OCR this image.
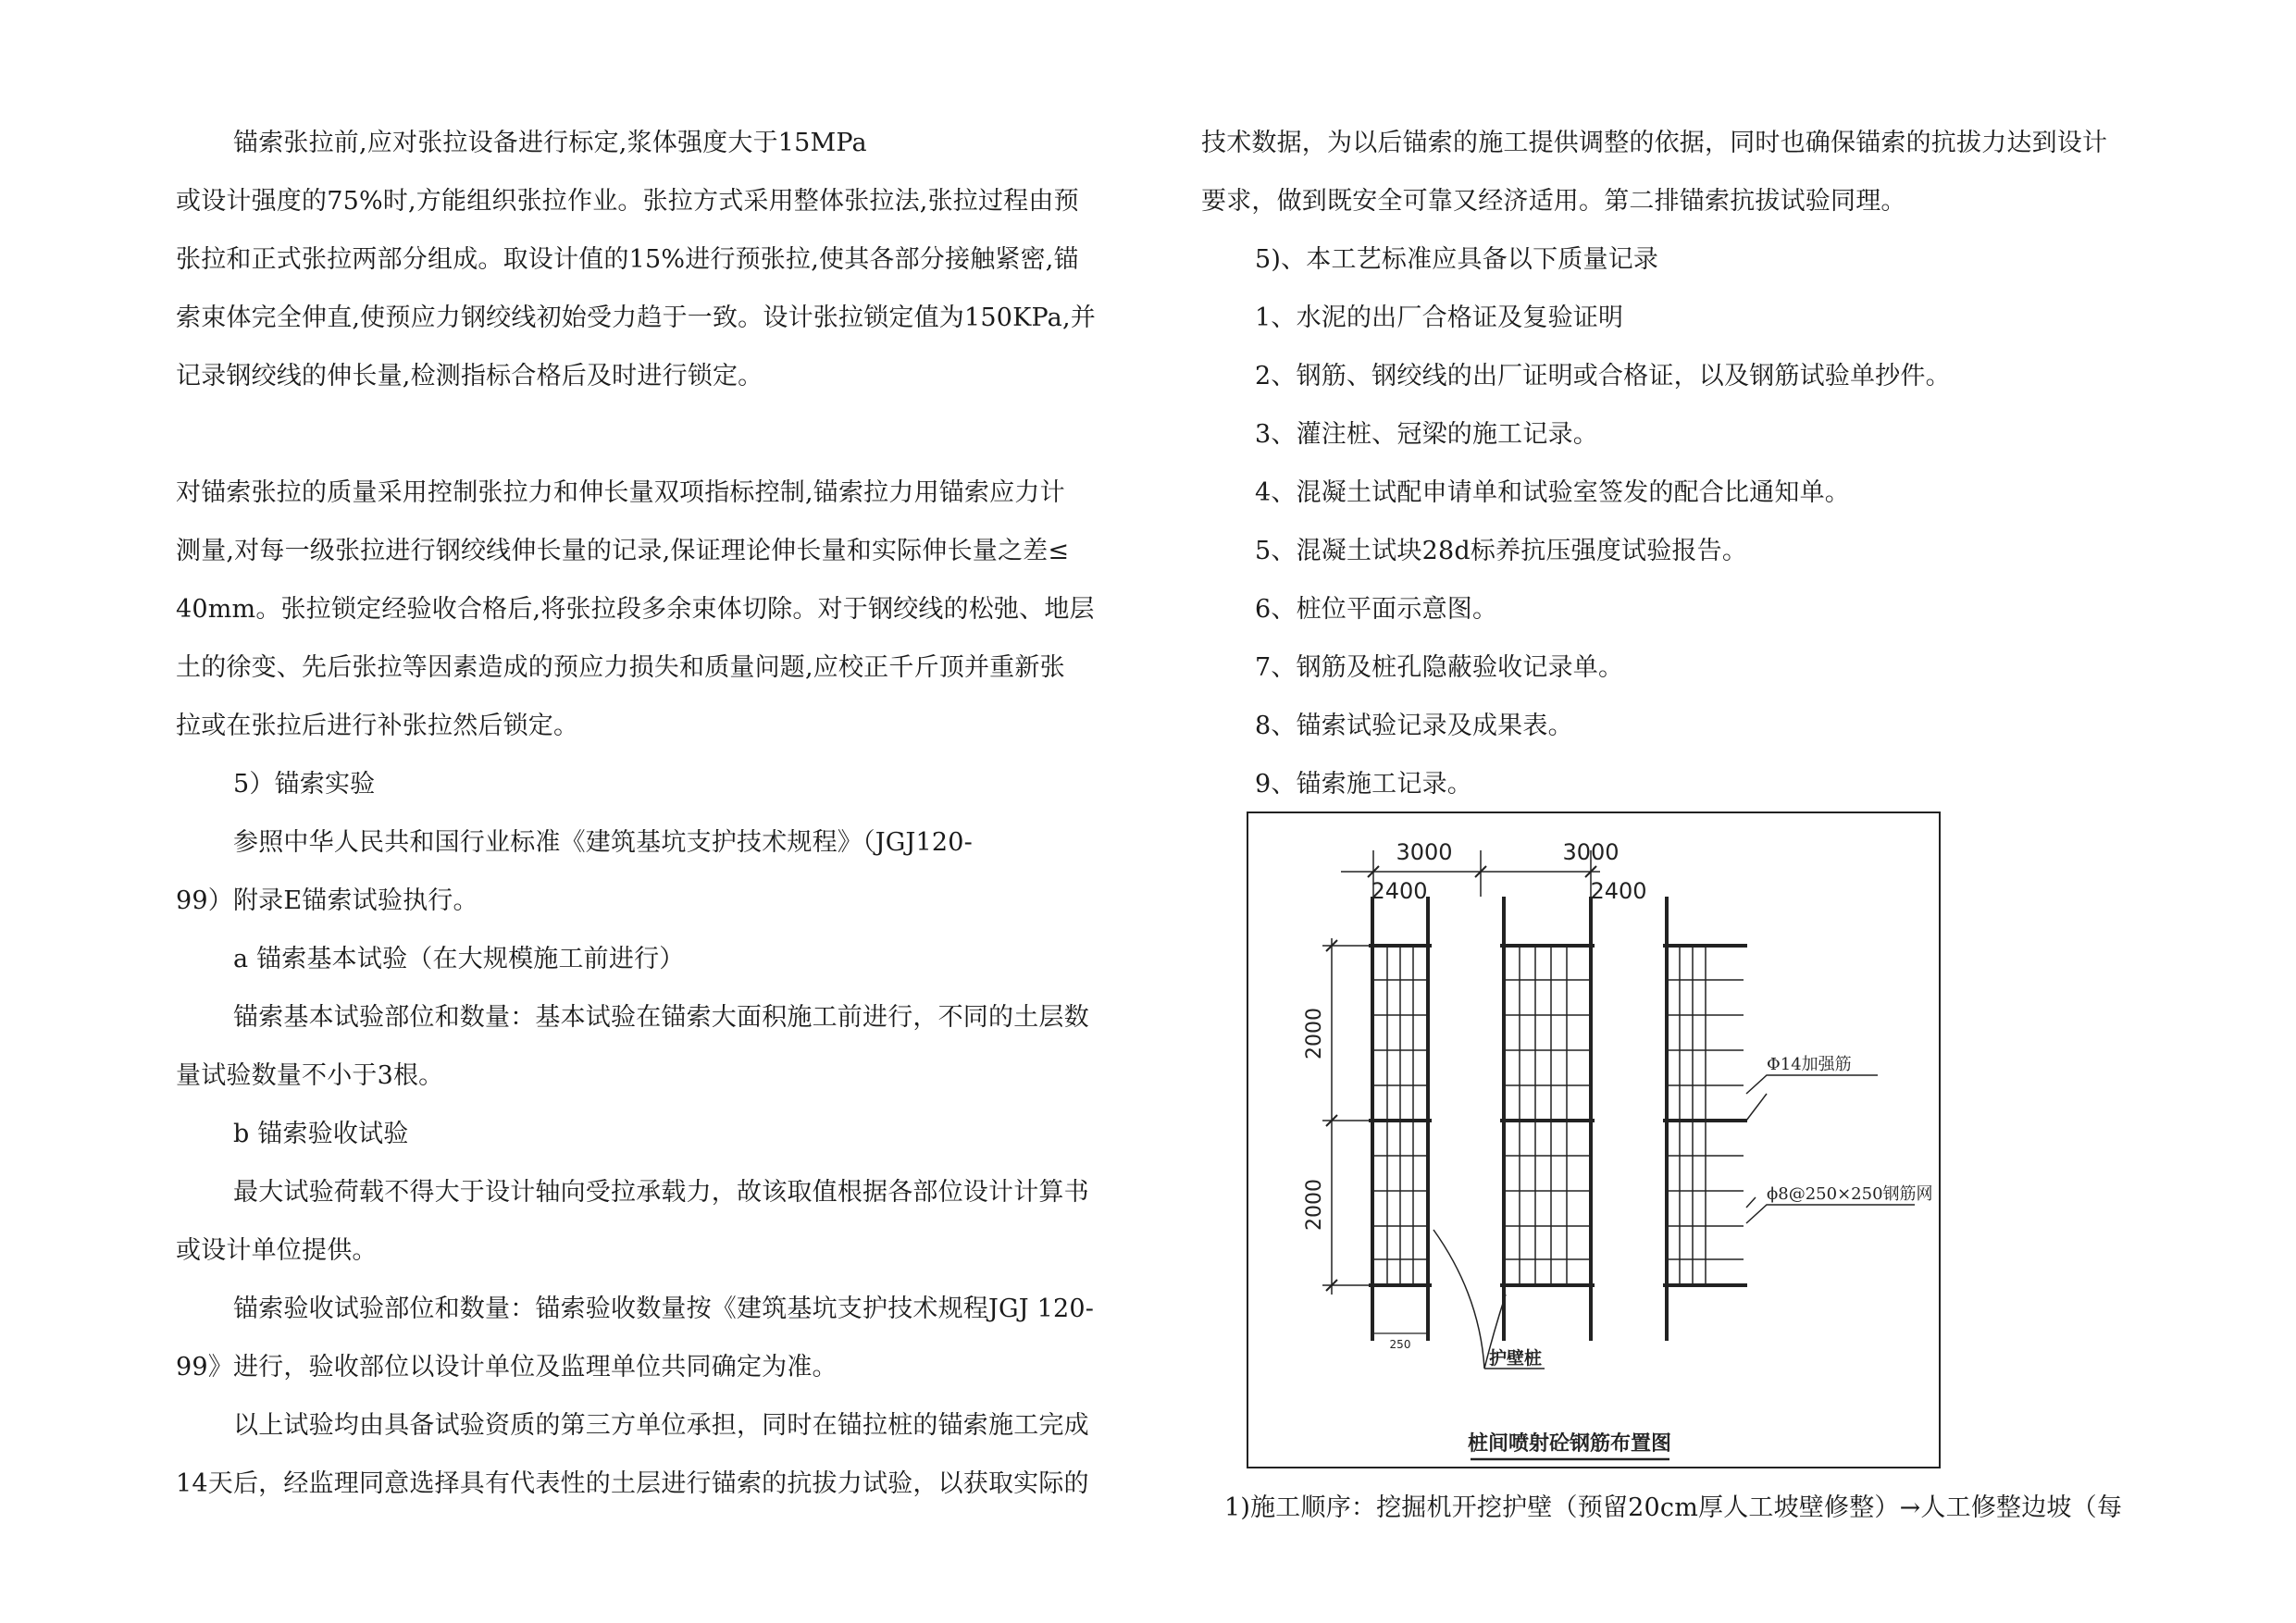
锚索张拉前,应对张拉设备进行标定,浆体强度大于15MPa
或设计强度的75%时,方能组织张拉作业。张拉方式采用整体张拉法,张拉过程由预
张拉和正式张拉两部分组成。取设计值的15%进行预张拉,使其各部分接触紧密,锚
索束体完全伸直,使预应力钢绞线初始受力趋于一致。设计张拉锁定值为150KPa,并
记录钢绞线的伸长量,检测指标合格后及时进行锁定。
对锚索张拉的质量采用控制张拉力和伸长量双项指标控制,锚索拉力用锚索应力计
测量,对每一级张拉进行钢绞线伸长量的记录,保证理论伸长量和实际伸长量之差≤
40mm。张拉锁定经验收合格后,将张拉段多余束体切除。对于钢绞线的松弛、地层
土的徐变、先后张拉等因素造成的预应力损失和质量问题,应校正千斤顶并重新张
拉或在张拉后进行补张拉然后锁定。
5）锚索实验
参照中华人民共和国行业标准《建筑基坑支护技术规程》（JGJ120-
99）附录E锚索试验执行。
a 锚索基本试验（在大规模施工前进行）
锚索基本试验部位和数量：基本试验在锚索大面积施工前进行，不同的土层数
量试验数量不小于3根。
b 锚索验收试验
最大试验荷载不得大于设计轴向受拉承载力，故该取值根据各部位设计计算书
或设计单位提供。
锚索验收试验部位和数量：锚索验收数量按《建筑基坑支护技术规程JGJ 120-
99》进行，验收部位以设计单位及监理单位共同确定为准。
以上试验均由具备试验资质的第三方单位承担，同时在锚拉桩的锚索施工完成
14天后，经监理同意选择具有代表性的土层进行锚索的抗拔力试验，以获取实际的
技术数据，为以后锚索的施工提供调整的依据，同时也确保锚索的抗拔力达到设计
要求，做到既安全可靠又经济适用。第二排锚索抗拔试验同理。
5)、本工艺标准应具备以下质量记录
1、水泥的出厂合格证及复验证明
2、钢筋、钢绞线的出厂证明或合格证，以及钢筋试验单抄件。
3、灌注桩、冠梁的施工记录。
4、混凝土试配申请单和试验室签发的配合比通知单。
5、混凝土试块28d标养抗压强度试验报告。
6、桩位平面示意图。
7、钢筋及桩孔隐蔽验收记录单。
8、锚索试验记录及成果表。
9、锚索施工记录。
1)施工顺序：挖掘机开挖护壁（预留20cm厚人工坡壁修整）→人工修整边坡（每
3000	3000
2400	2400
2000
2000
250
Φ14加强筋
ϕ8@250×250钢筋网
护壁桩
桩间喷射砼钢筋布置图
